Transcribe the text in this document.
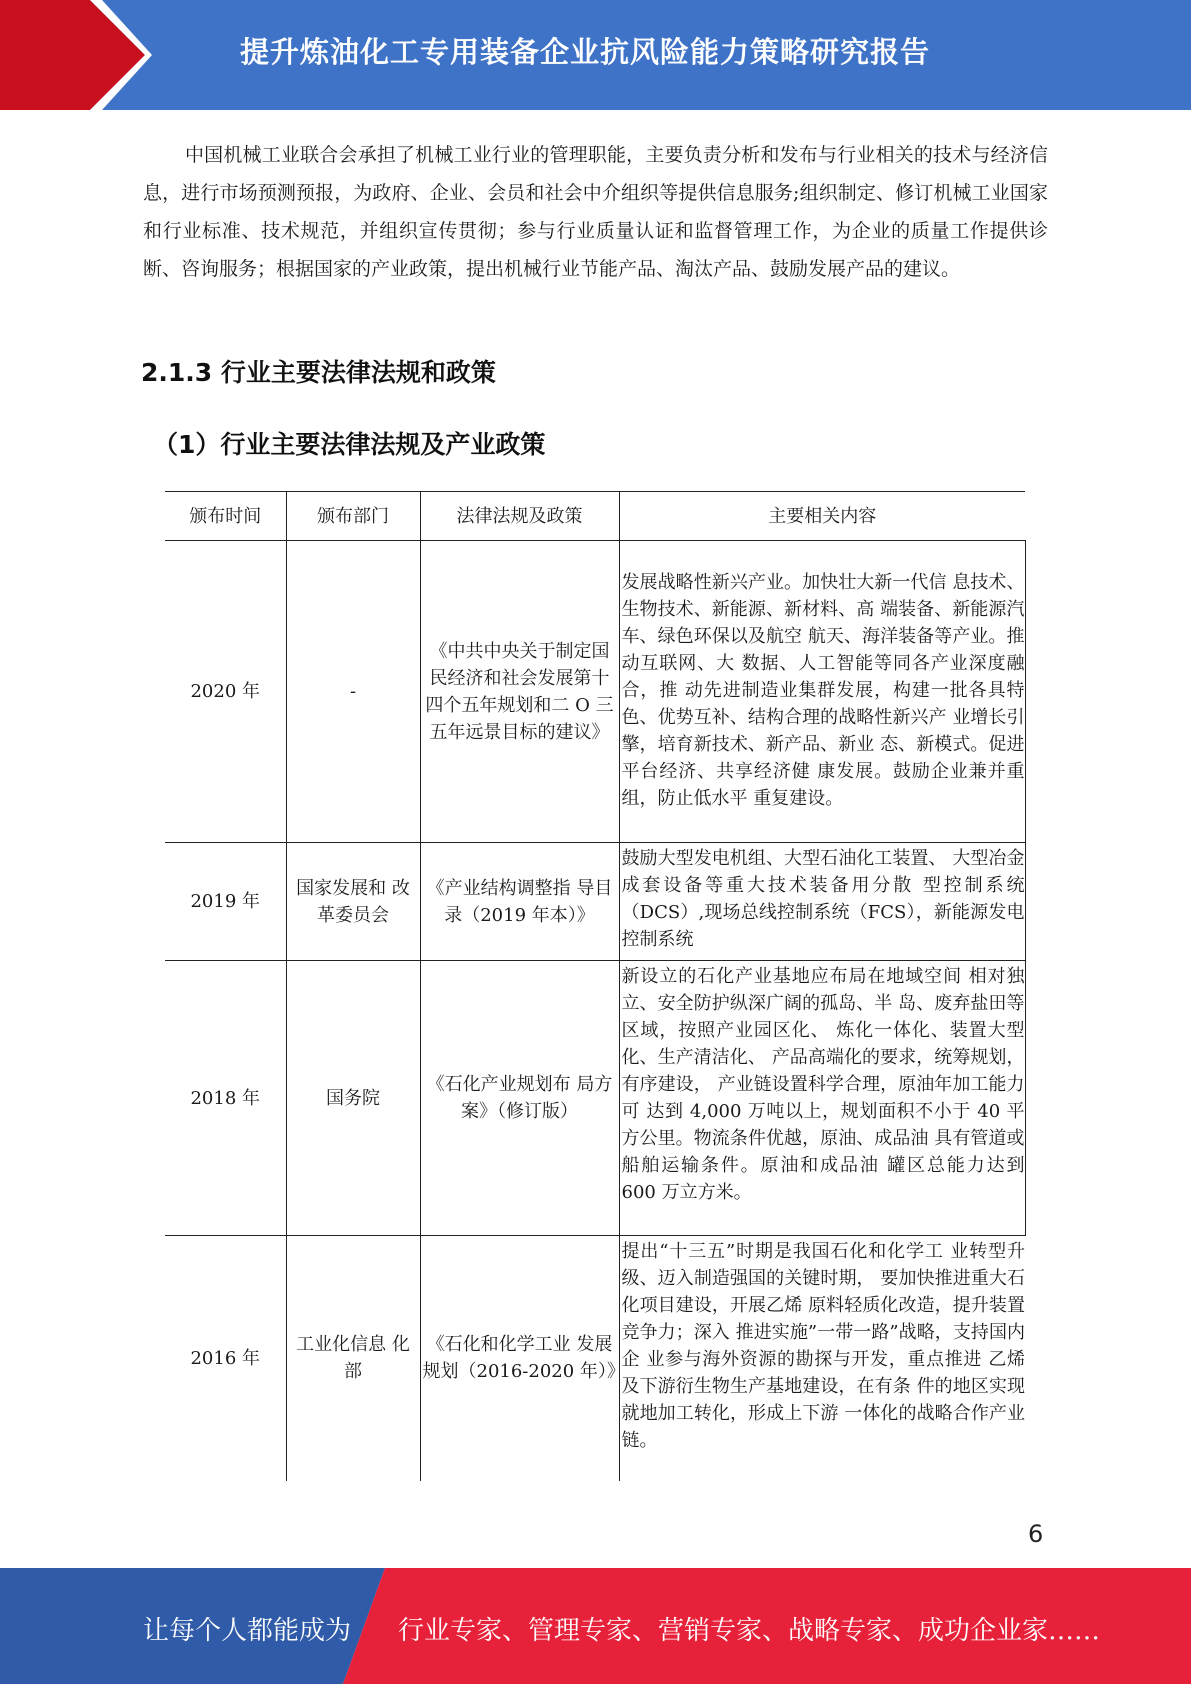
提升炼油化工专用装备企业抗风险能力策略研究报告

中国机械工业联合会承担了机械工业行业的管理职能，主要负责分析和发布与行业相关的技术与经济信息，进行市场预测预报，为政府、企业、会员和社会中介组织等提供信息服务;组织制定、修订机械工业国家和行业标准、技术规范，并组织宣传贯彻；参与行业质量认证和监督管理工作，为企业的质量工作提供诊断、咨询服务；根据国家的产业政策，提出机械行业节能产品、淘汰产品、鼓励发展产品的建议。

2.1.3 行业主要法律法规和政策
（1）行业主要法律法规及产业政策
颁布时间	颁布部门	法律法规及政策	主要相关内容
2020 年	-	《中共中央关于制定国民经济和社会发展第十四个五年规划和二 O 三五年远景目标的建议》	发展战略性新兴产业。加快壮大新一代信 息技术、生物技术、新能源、新材料、高 端装备、新能源汽车、绿色环保以及航空 航天、海洋装备等产业。推动互联网、大 数据、人工智能等同各产业深度融合，推 动先进制造业集群发展，构建一批各具特 色、优势互补、结构合理的战略性新兴产 业增长引擎，培育新技术、新产品、新业 态、新模式。促进平台经济、共享经济健 康发展。鼓励企业兼并重组，防止低水平 重复建设。
2019 年	国家发展和 改革委员会	《产业结构调整指 导目录（2019 年本）》	鼓励大型发电机组、大型石油化工装置、 大型冶金成套设备等重大技术装备用分散 型控制系统（DCS）,现场总线控制系统（FCS），新能源发电控制系统
2018 年	国务院	《石化产业规划布 局方案》（修订版）	新设立的石化产业基地应布局在地域空间 相对独立、安全防护纵深广阔的孤岛、半 岛、废弃盐田等区域，按照产业园区化、 炼化一体化、装置大型化、生产清洁化、 产品高端化的要求，统筹规划，有序建设， 产业链设置科学合理，原油年加工能力可 达到 4,000 万吨以上，规划面积不小于 40 平方公里。物流条件优越，原油、成品油 具有管道或船舶运输条件。原油和成品油 罐区总能力达到 600 万立方米。
2016 年	工业化信息 化部	《石化和化学工业 发展规划（2016-2020 年）》	提出“十三五”时期是我国石化和化学工 业转型升级、迈入制造强国的关键时期， 要加快推进重大石化项目建设，开展乙烯 原料轻质化改造，提升装置竞争力；深入 推进实施”一带一路”战略，支持国内企 业参与海外资源的勘探与开发，重点推进 乙烯及下游衍生物生产基地建设，在有条 件的地区实现就地加工转化，形成上下游 一体化的战略合作产业链。
6
让每个人都能成为 行业专家、管理专家、营销专家、战略专家、成功企业家……
